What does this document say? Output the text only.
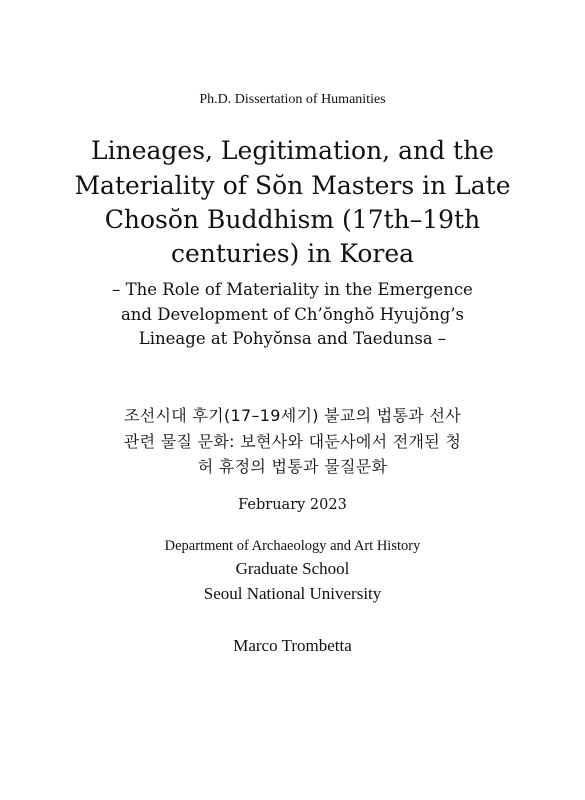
Ph.D. Dissertation of Humanities
Lineages, Legitimation, and the
Materiality of Sŏn Masters in Late
Chosŏn Buddhism (17th–19th
centuries) in Korea
– The Role of Materiality in the Emergence
and Development of Ch’ŏnghŏ Hyujŏng’s
Lineage at Pohyŏnsa and Taedunsa –
조선시대 후기(17–19세기) 불교의 법통과 선사
관련 물질 문화: 보현사와 대둔사에서 전개된 청
허 휴정의 법통과 물질문화
February 2023
Department of Archaeology and Art History
Graduate School
Seoul National University
Marco Trombetta
